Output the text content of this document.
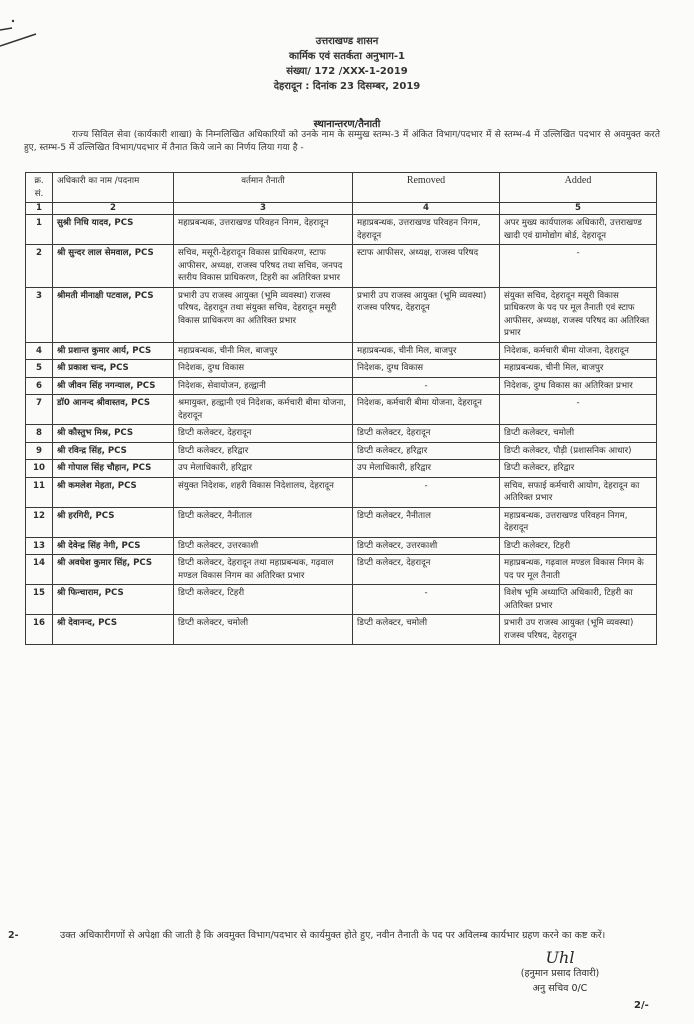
उत्तराखण्ड शासन
कार्मिक एवं सतर्कता अनुभाग-1
संख्या/ 172 /XXX-1-2019
देहरादून : दिनांक 23 दिसम्बर, 2019
स्थानान्तरण/तैनाती
राज्य सिविल सेवा (कार्यकारी शाखा) के निम्नलिखित अधिकारियों को उनके नाम के सम्मुख स्तम्भ-3 में अंकित विभाग/पदभार में से स्तम्भ-4 में उल्लिखित पदभार से अवमुक्त करते हुए, स्तम्भ-5 में उल्लिखित विभाग/पदभार में तैनात किये जाने का निर्णय लिया गया है -
क्र. सं.	अधिकारी का नाम /पदनाम	वर्तमान तैनाती	Removed	Added
1	2	3	4	5
1	सुश्री निधि यादव, PCS	महाप्रबन्धक, उत्तराखण्ड परिवहन निगम, देहरादून	महाप्रबन्धक, उत्तराखण्ड परिवहन निगम, देहरादून	अपर मुख्य कार्यपालक अधिकारी, उत्तराखण्ड खादी एवं ग्रामोद्योग बोर्ड, देहरादून
2	श्री सुन्दर लाल सेमवाल, PCS	सचिव, मसूरी-देहरादून विकास प्राधिकरण, स्टाफ आफीसर, अध्यक्ष, राजस्व परिषद तथा सचिव, जनपद स्तरीय विकास प्राधिकरण, टिहरी का अतिरिक्त प्रभार	स्टाफ आफीसर, अध्यक्ष, राजस्व परिषद	-
3	श्रीमती मीनाक्षी पटवाल, PCS	प्रभारी उप राजस्व आयुक्त (भूमि व्यवस्था) राजस्व परिषद, देहरादून तथा संयुक्त सचिव, देहरादून मसूरी विकास प्राधिकरण का अतिरिक्त प्रभार	प्रभारी उप राजस्व आयुक्त (भूमि व्यवस्था) राजस्व परिषद, देहरादून	संयुक्त सचिव, देहरादून मसूरी विकास प्राधिकरण के पद पर मूल तैनाती एवं स्टाफ आफीसर, अध्यक्ष, राजस्व परिषद का अतिरिक्त प्रभार
4	श्री प्रशान्त कुमार आर्य, PCS	महाप्रबन्धक, चीनी मिल, बाजपुर	महाप्रबन्धक, चीनी मिल, बाजपुर	निदेशक, कर्मचारी बीमा योजना, देहरादून
5	श्री प्रकाश चन्द, PCS	निदेशक, दुग्ध विकास	निदेशक, दुग्ध विकास	महाप्रबन्धक, चीनी मिल, बाजपुर
6	श्री जीवन सिंह नगन्याल, PCS	निदेशक, सेवायोजन, हल्द्वानी	-	निदेशक, दुग्ध विकास का अतिरिक्त प्रभार
7	डॉ0 आनन्द श्रीवास्तव, PCS	श्रमायुक्त, हल्द्वानी एवं निदेशक, कर्मचारी बीमा योजना, देहरादून	निदेशक, कर्मचारी बीमा योजना, देहरादून	-
8	श्री कौस्तुभ मिश्र, PCS	डिप्टी कलेक्टर, देहरादून	डिप्टी कलेक्टर, देहरादून	डिप्टी कलेक्टर, चमोली
9	श्री रविन्द्र सिंह, PCS	डिप्टी कलेक्टर, हरिद्वार	डिप्टी कलेक्टर, हरिद्वार	डिप्टी कलेक्टर, पौड़ी (प्रशासनिक आधार)
10	श्री गोपाल सिंह चौहान, PCS	उप मेलाधिकारी, हरिद्वार	उप मेलाधिकारी, हरिद्वार	डिप्टी कलेक्टर, हरिद्वार
11	श्री कमलेश मेहता, PCS	संयुक्त निदेशक, शहरी विकास निदेशालय, देहरादून	-	सचिव, सफाई कर्मचारी आयोग, देहरादून का अतिरिक्त प्रभार
12	श्री हरगिरी, PCS	डिप्टी कलेक्टर, नैनीताल	डिप्टी कलेक्टर, नैनीताल	महाप्रबन्धक, उत्तराखण्ड परिवहन निगम, देहरादून
13	श्री देवेन्द्र सिंह नेगी, PCS	डिप्टी कलेक्टर, उत्तरकाशी	डिप्टी कलेक्टर, उत्तरकाशी	डिप्टी कलेक्टर, टिहरी
14	श्री अवधेश कुमार सिंह, PCS	डिप्टी कलेक्टर, देहरादून तथा महाप्रबन्धक, गढ़वाल मण्डल विकास निगम का अतिरिक्त प्रभार	डिप्टी कलेक्टर, देहरादून	महाप्रबन्धक, गढ़वाल मण्डल विकास निगम के पद पर मूल तैनाती
15	श्री फिन्चाराम, PCS	डिप्टी कलेक्टर, टिहरी	-	विशेष भूमि अध्याप्ति अधिकारी, टिहरी का अतिरिक्त प्रभार
16	श्री देवानन्द, PCS	डिप्टी कलेक्टर, चमोली	डिप्टी कलेक्टर, चमोली	प्रभारी उप राजस्व आयुक्त (भूमि व्यवस्था) राजस्व परिषद, देहरादून
2-	उक्त अधिकारीगणों से अपेक्षा की जाती है कि अवमुक्त विभाग/पदभार से कार्यमुक्त होते हुए, नवीन तैनाती के पद पर अविलम्ब कार्यभार ग्रहण करने का कष्ट करें।
Uhl
(हनुमान प्रसाद तिवारी)
अनु सचिव 0/C
2/-
